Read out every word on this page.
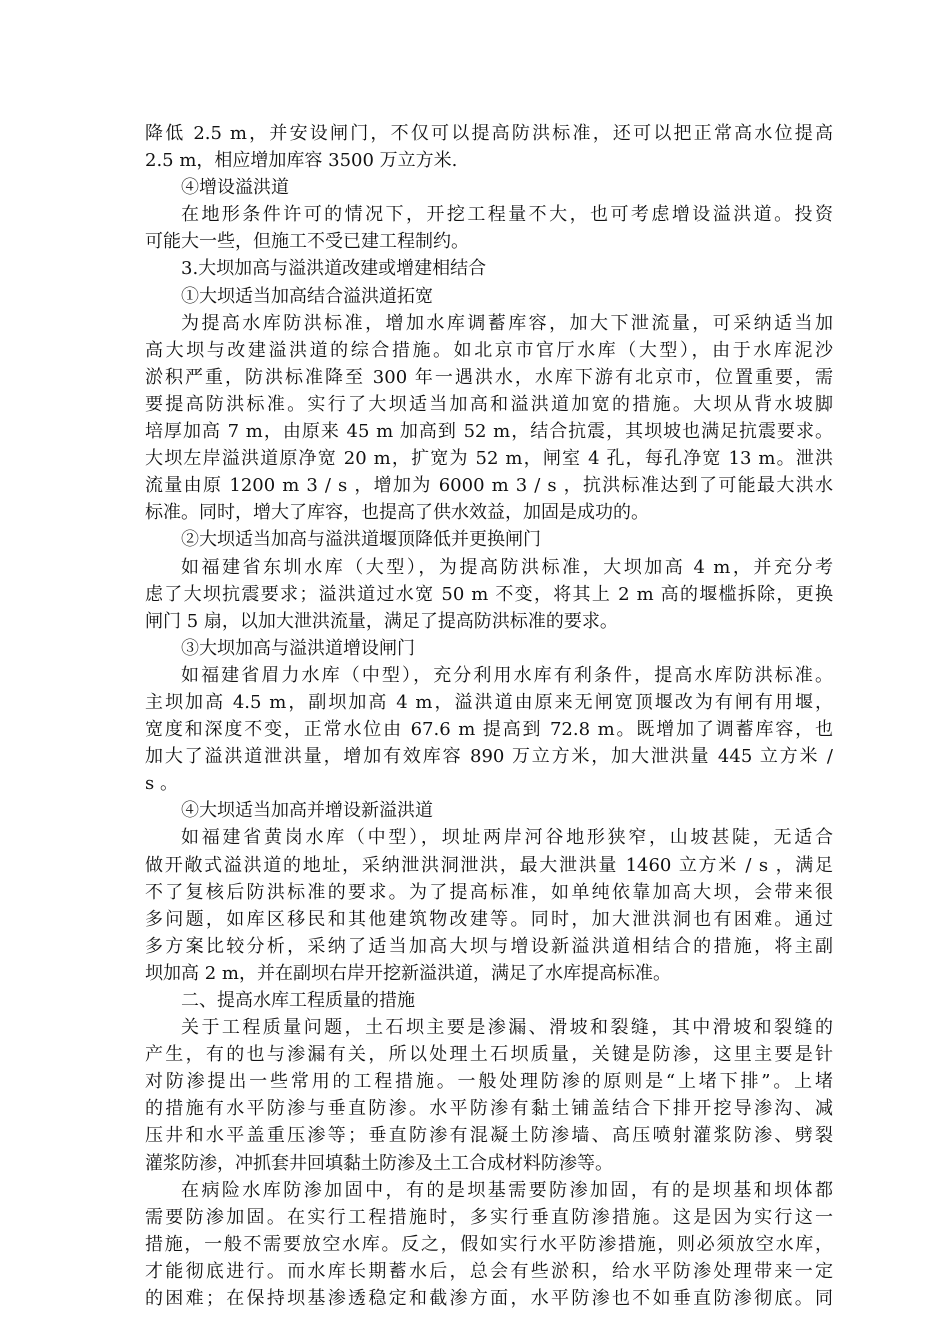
降低 2.5 m，并安设闸门，不仅可以提高防洪标准，还可以把正常高水位提高
2.5 m，相应增加库容 3500 万立方米.
④增设溢洪道
在地形条件许可的情况下，开挖工程量不大，也可考虑增设溢洪道。投资
可能大一些，但施工不受已建工程制约。
3.大坝加高与溢洪道改建或增建相结合
①大坝适当加高结合溢洪道拓宽
为提高水库防洪标准，增加水库调蓄库容，加大下泄流量，可采纳适当加
高大坝与改建溢洪道的综合措施。如北京市官厅水库（大型），由于水库泥沙
淤积严重，防洪标准降至 300 年一遇洪水，水库下游有北京市，位置重要，需
要提高防洪标准。实行了大坝适当加高和溢洪道加宽的措施。大坝从背水坡脚
培厚加高 7 m，由原来 45 m 加高到 52 m，结合抗震，其坝坡也满足抗震要求。
大坝左岸溢洪道原净宽 20 m，扩宽为 52 m，闸室 4 孔，每孔净宽 13 m。泄洪
流量由原 1200 m 3 / s ，增加为 6000 m 3 / s ，抗洪标准达到了可能最大洪水
标准。同时，增大了库容，也提高了供水效益，加固是成功的。
②大坝适当加高与溢洪道堰顶降低并更换闸门
如福建省东圳水库（大型），为提高防洪标准，大坝加高 4 m，并充分考
虑了大坝抗震要求；溢洪道过水宽 50 m 不变，将其上 2 m 高的堰槛拆除，更换
闸门 5 扇，以加大泄洪流量，满足了提高防洪标准的要求。
③大坝加高与溢洪道增设闸门
如福建省眉力水库（中型），充分利用水库有利条件，提高水库防洪标准。
主坝加高 4.5 m，副坝加高 4 m，溢洪道由原来无闸宽顶堰改为有闸有用堰，
宽度和深度不变，正常水位由 67.6 m 提高到 72.8 m。既增加了调蓄库容，也
加大了溢洪道泄洪量，增加有效库容 890 万立方米，加大泄洪量 445 立方米 /
s 。
④大坝适当加高并增设新溢洪道
如福建省黄岗水库（中型），坝址两岸河谷地形狭窄，山坡甚陡，无适合
做开敞式溢洪道的地址，采纳泄洪洞泄洪，最大泄洪量 1460 立方米 / s ，满足
不了复核后防洪标准的要求。为了提高标准，如单纯依靠加高大坝，会带来很
多问题，如库区移民和其他建筑物改建等。同时，加大泄洪洞也有困难。通过
多方案比较分析，采纳了适当加高大坝与增设新溢洪道相结合的措施，将主副
坝加高 2 m，并在副坝右岸开挖新溢洪道，满足了水库提高标准。
二、提高水库工程质量的措施
关于工程质量问题，土石坝主要是渗漏、滑坡和裂缝，其中滑坡和裂缝的
产生，有的也与渗漏有关，所以处理土石坝质量，关键是防渗，这里主要是针
对防渗提出一些常用的工程措施。一般处理防渗的原则是“上堵下排”。上堵
的措施有水平防渗与垂直防渗。水平防渗有黏土铺盖结合下排开挖导渗沟、减
压井和水平盖重压渗等；垂直防渗有混凝土防渗墙、高压喷射灌浆防渗、劈裂
灌浆防渗，冲抓套井回填黏土防渗及土工合成材料防渗等。
在病险水库防渗加固中，有的是坝基需要防渗加固，有的是坝基和坝体都
需要防渗加固。在实行工程措施时，多实行垂直防渗措施。这是因为实行这一
措施，一般不需要放空水库。反之，假如实行水平防渗措施，则必须放空水库，
才能彻底进行。而水库长期蓄水后，总会有些淤积，给水平防渗处理带来一定
的困难；在保持坝基渗透稳定和截渗方面，水平防渗也不如垂直防渗彻底。同
